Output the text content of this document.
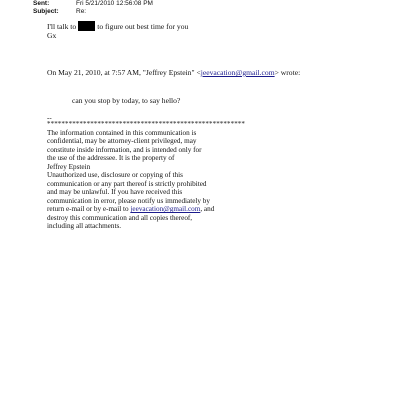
Sent:	Fri 5/21/2010 12:56:08 PM
Subject:	Re:
I'll talk to	to figure out best time for you
Gx
On May 21, 2010, at 7:57 AM, "Jeffrey Epstein" <jeevacation@gmail.com> wrote:
can you stop by today, to say hello?
--
*******************************************************
The information contained in this communication is
confidential, may be attorney-client privileged, may
constitute inside information, and is intended only for
the use of the addressee. It is the property of
Jeffrey Epstein
Unauthorized use, disclosure or copying of this
communication or any part thereof is strictly prohibited
and may be unlawful. If you have received this
communication in error, please notify us immediately by
return e-mail or by e-mail to jeevacation@gmail.com, and
destroy this communication and all copies thereof,
including all attachments.
